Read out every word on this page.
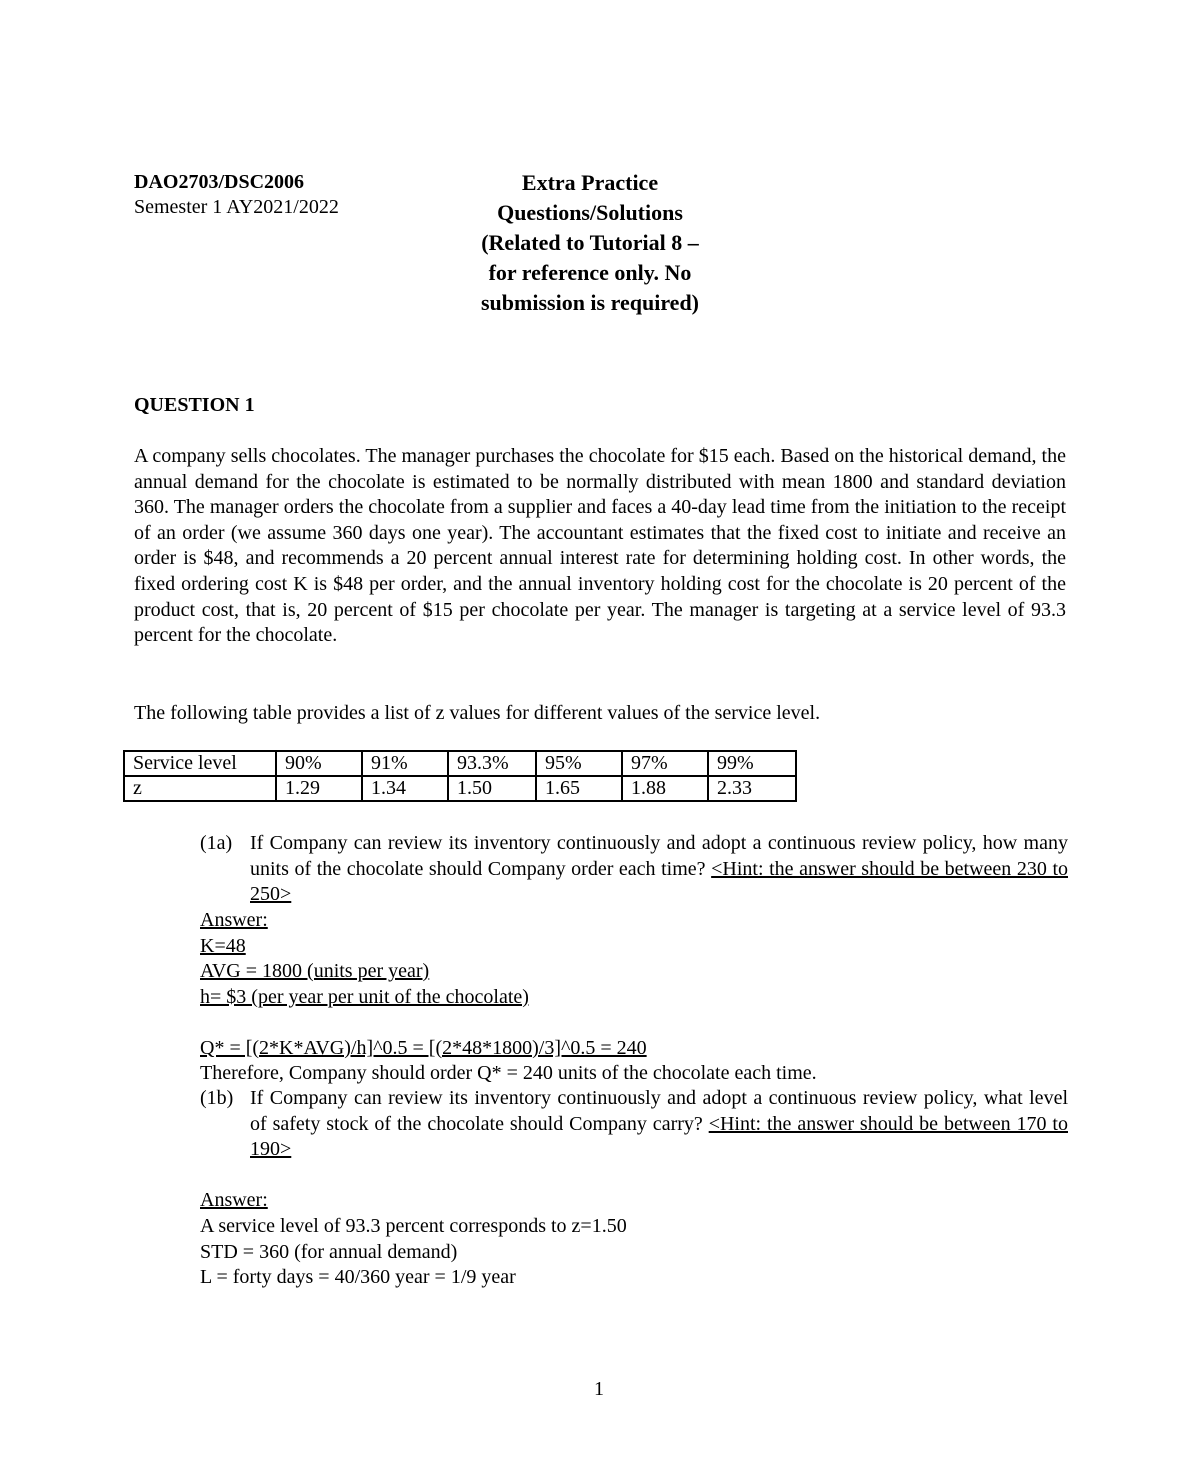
DAO2703/DSC2006
Semester 1 AY2021/2022
Extra Practice
Questions/Solutions
(Related to Tutorial 8 –
for reference only. No
submission is required)
QUESTION 1
A company sells chocolates. The manager purchases the chocolate for $15 each. Based on the historical demand, the annual demand for the chocolate is estimated to be normally distributed with mean 1800 and standard deviation 360. The manager orders the chocolate from a supplier and faces a 40-day lead time from the initiation to the receipt of an order (we assume 360 days one year). The accountant estimates that the fixed cost to initiate and receive an order is $48, and recommends a 20 percent annual interest rate for determining holding cost. In other words, the fixed ordering cost K is $48 per order, and the annual inventory holding cost for the chocolate is 20 percent of the product cost, that is, 20 percent of $15 per chocolate per year. The manager is targeting at a service level of 93.3 percent for the chocolate.
The following table provides a list of z values for different values of the service level.
Service level	90%	91%	93.3%	95%	97%	99%
z	1.29	1.34	1.50	1.65	1.88	2.33
(1a) If Company can review its inventory continuously and adopt a continuous review policy, how many units of the chocolate should Company order each time? <Hint: the answer should be between 230 to 250>
Answer:
K=48
AVG = 1800 (units per year)
h= $3 (per year per unit of the chocolate)
Q* = [(2*K*AVG)/h]^0.5 = [(2*48*1800)/3]^0.5 = 240
Therefore, Company should order Q* = 240 units of the chocolate each time.
(1b) If Company can review its inventory continuously and adopt a continuous review policy, what level of safety stock of the chocolate should Company carry? <Hint: the answer should be between 170 to 190>
Answer:
A service level of 93.3 percent corresponds to z=1.50
STD = 360 (for annual demand)
L = forty days = 40/360 year = 1/9 year
1
